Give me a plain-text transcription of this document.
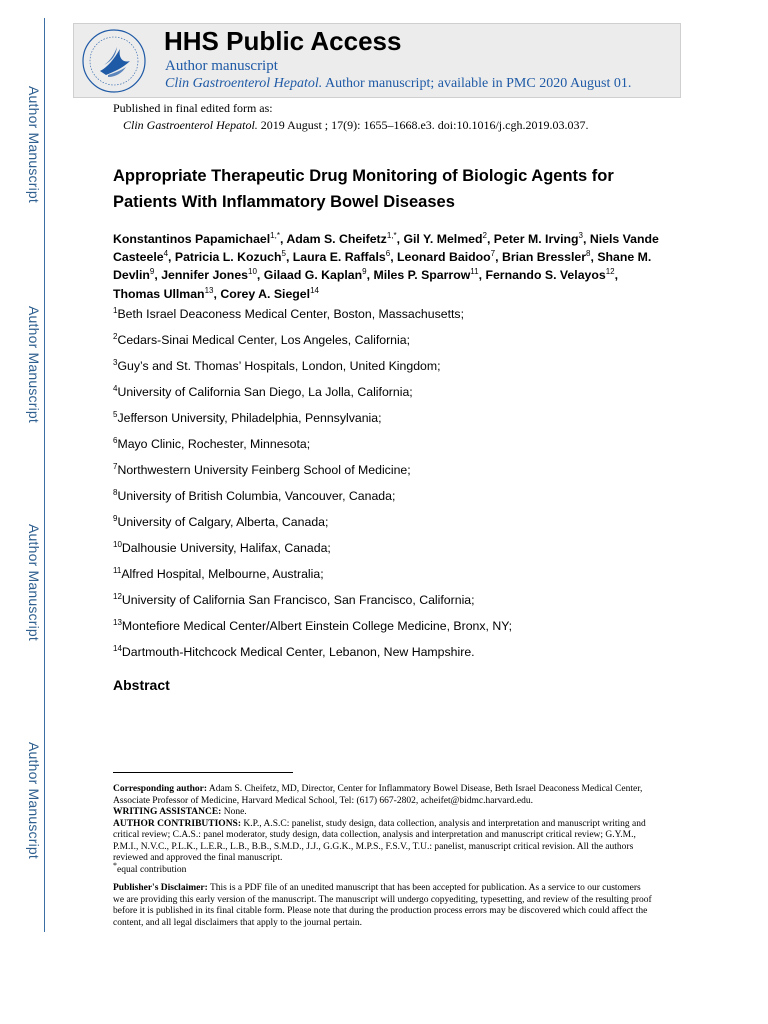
Author Manuscript
Author Manuscript
Author Manuscript
Author Manuscript
HHS Public Access
Author manuscript
Clin Gastroenterol Hepatol. Author manuscript; available in PMC 2020 August 01.
Published in final edited form as:
Clin Gastroenterol Hepatol. 2019 August ; 17(9): 1655–1668.e3. doi:10.1016/j.cgh.2019.03.037.
Appropriate Therapeutic Drug Monitoring of Biologic Agents for
Patients With Inflammatory Bowel Diseases
Konstantinos Papamichael$^{1,*}$, Adam S. Cheifetz$^{1,*}$, Gil Y. Melmed$^2$, Peter M. Irving$^3$, Niels Vande Casteele$^4$, Patricia L. Kozuch$^5$, Laura E. Raffals$^6$, Leonard Baidoo$^7$, Brian Bressler$^8$, Shane M. Devlin$^9$, Jennifer Jones$^{10}$, Gilaad G. Kaplan$^9$, Miles P. Sparrow$^{11}$, Fernando S. Velayos$^{12}$, Thomas Ullman$^{13}$, Corey A. Siegel$^{14}$
$^1$Beth Israel Deaconess Medical Center, Boston, Massachusetts;
$^2$Cedars-Sinai Medical Center, Los Angeles, California;
$^3$Guy’s and St. Thomas’ Hospitals, London, United Kingdom;
$^4$University of California San Diego, La Jolla, California;
$^5$Jefferson University, Philadelphia, Pennsylvania;
$^6$Mayo Clinic, Rochester, Minnesota;
$^7$Northwestern University Feinberg School of Medicine;
$^8$University of British Columbia, Vancouver, Canada;
$^9$University of Calgary, Alberta, Canada;
$^{10}$Dalhousie University, Halifax, Canada;
$^{11}$Alfred Hospital, Melbourne, Australia;
$^{12}$University of California San Francisco, San Francisco, California;
$^{13}$Montefiore Medical Center/Albert Einstein College Medicine, Bronx, NY;
$^{14}$Dartmouth-Hitchcock Medical Center, Lebanon, New Hampshire.
Abstract

Corresponding author: Adam S. Cheifetz, MD, Director, Center for Inflammatory Bowel Disease, Beth Israel Deaconess Medical Center, Associate Professor of Medicine, Harvard Medical School, Tel: (617) 667-2802, acheifet@bidmc.harvard.edu.

WRITING ASSISTANCE: None.

AUTHOR CONTRIBUTIONS: K.P., A.S.C: panelist, study design, data collection, analysis and interpretation and manuscript writing and critical review; C.A.S.: panel moderator, study design, data collection, analysis and interpretation and manuscript critical review; G.Y.M., P.M.I., N.V.C., P.L.K., L.E.R., L.B., B.B., S.M.D., J.J., G.G.K., M.P.S., F.S.V., T.U.: panelist, manuscript critical revision. All the authors reviewed and approved the final manuscript.

*equal contribution

Publisher's Disclaimer: This is a PDF file of an unedited manuscript that has been accepted for publication. As a service to our customers we are providing this early version of the manuscript. The manuscript will undergo copyediting, typesetting, and review of the resulting proof before it is published in its final citable form. Please note that during the production process errors may be discovered which could affect the content, and all legal disclaimers that apply to the journal pertain.
